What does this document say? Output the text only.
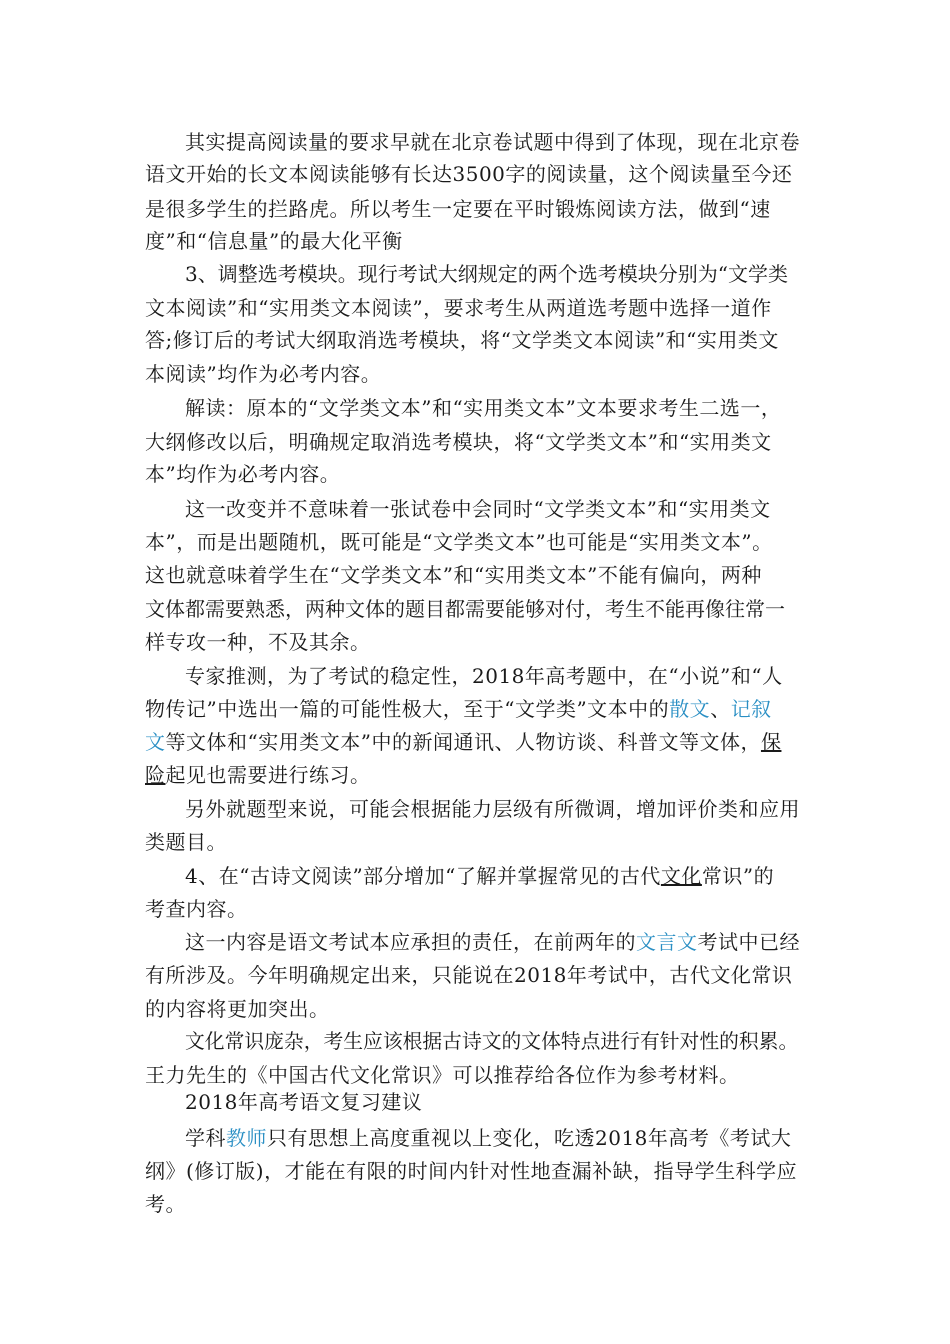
其实提高阅读量的要求早就在北京卷试题中得到了体现，现在北京卷

语文开始的长文本阅读能够有长达3500字的阅读量，这个阅读量至今还

是很多学生的拦路虎。所以考生一定要在平时锻炼阅读方法，做到“速

度”和“信息量”的最大化平衡

3、调整选考模块。现行考试大纲规定的两个选考模块分别为“文学类

文本阅读”和“实用类文本阅读”，要求考生从两道选考题中选择一道作

答;修订后的考试大纲取消选考模块，将“文学类文本阅读”和“实用类文

本阅读”均作为必考内容。

解读：原本的“文学类文本”和“实用类文本”文本要求考生二选一，

大纲修改以后，明确规定取消选考模块，将“文学类文本”和“实用类文

本”均作为必考内容。

这一改变并不意味着一张试卷中会同时“文学类文本”和“实用类文

本”，而是出题随机，既可能是“文学类文本”也可能是“实用类文本”。

这也就意味着学生在“文学类文本”和“实用类文本”不能有偏向，两种

文体都需要熟悉，两种文体的题目都需要能够对付，考生不能再像往常一

样专攻一种，不及其余。

专家推测，为了考试的稳定性，2018年高考题中，在“小说”和“人

物传记”中选出一篇的可能性极大，至于“文学类”文本中的散文、记叙

文等文体和“实用类文本”中的新闻通讯、人物访谈、科普文等文体，保

险起见也需要进行练习。

另外就题型来说，可能会根据能力层级有所微调，增加评价类和应用

类题目。

4、在“古诗文阅读”部分增加“了解并掌握常见的古代文化常识”的

考查内容。

这一内容是语文考试本应承担的责任，在前两年的文言文考试中已经

有所涉及。今年明确规定出来，只能说在2018年考试中，古代文化常识

的内容将更加突出。

文化常识庞杂，考生应该根据古诗文的文体特点进行有针对性的积累。

王力先生的《中国古代文化常识》可以推荐给各位作为参考材料。

2018年高考语文复习建议

学科教师只有思想上高度重视以上变化，吃透2018年高考《考试大

纲》(修订版)，才能在有限的时间内针对性地查漏补缺，指导学生科学应

考。
